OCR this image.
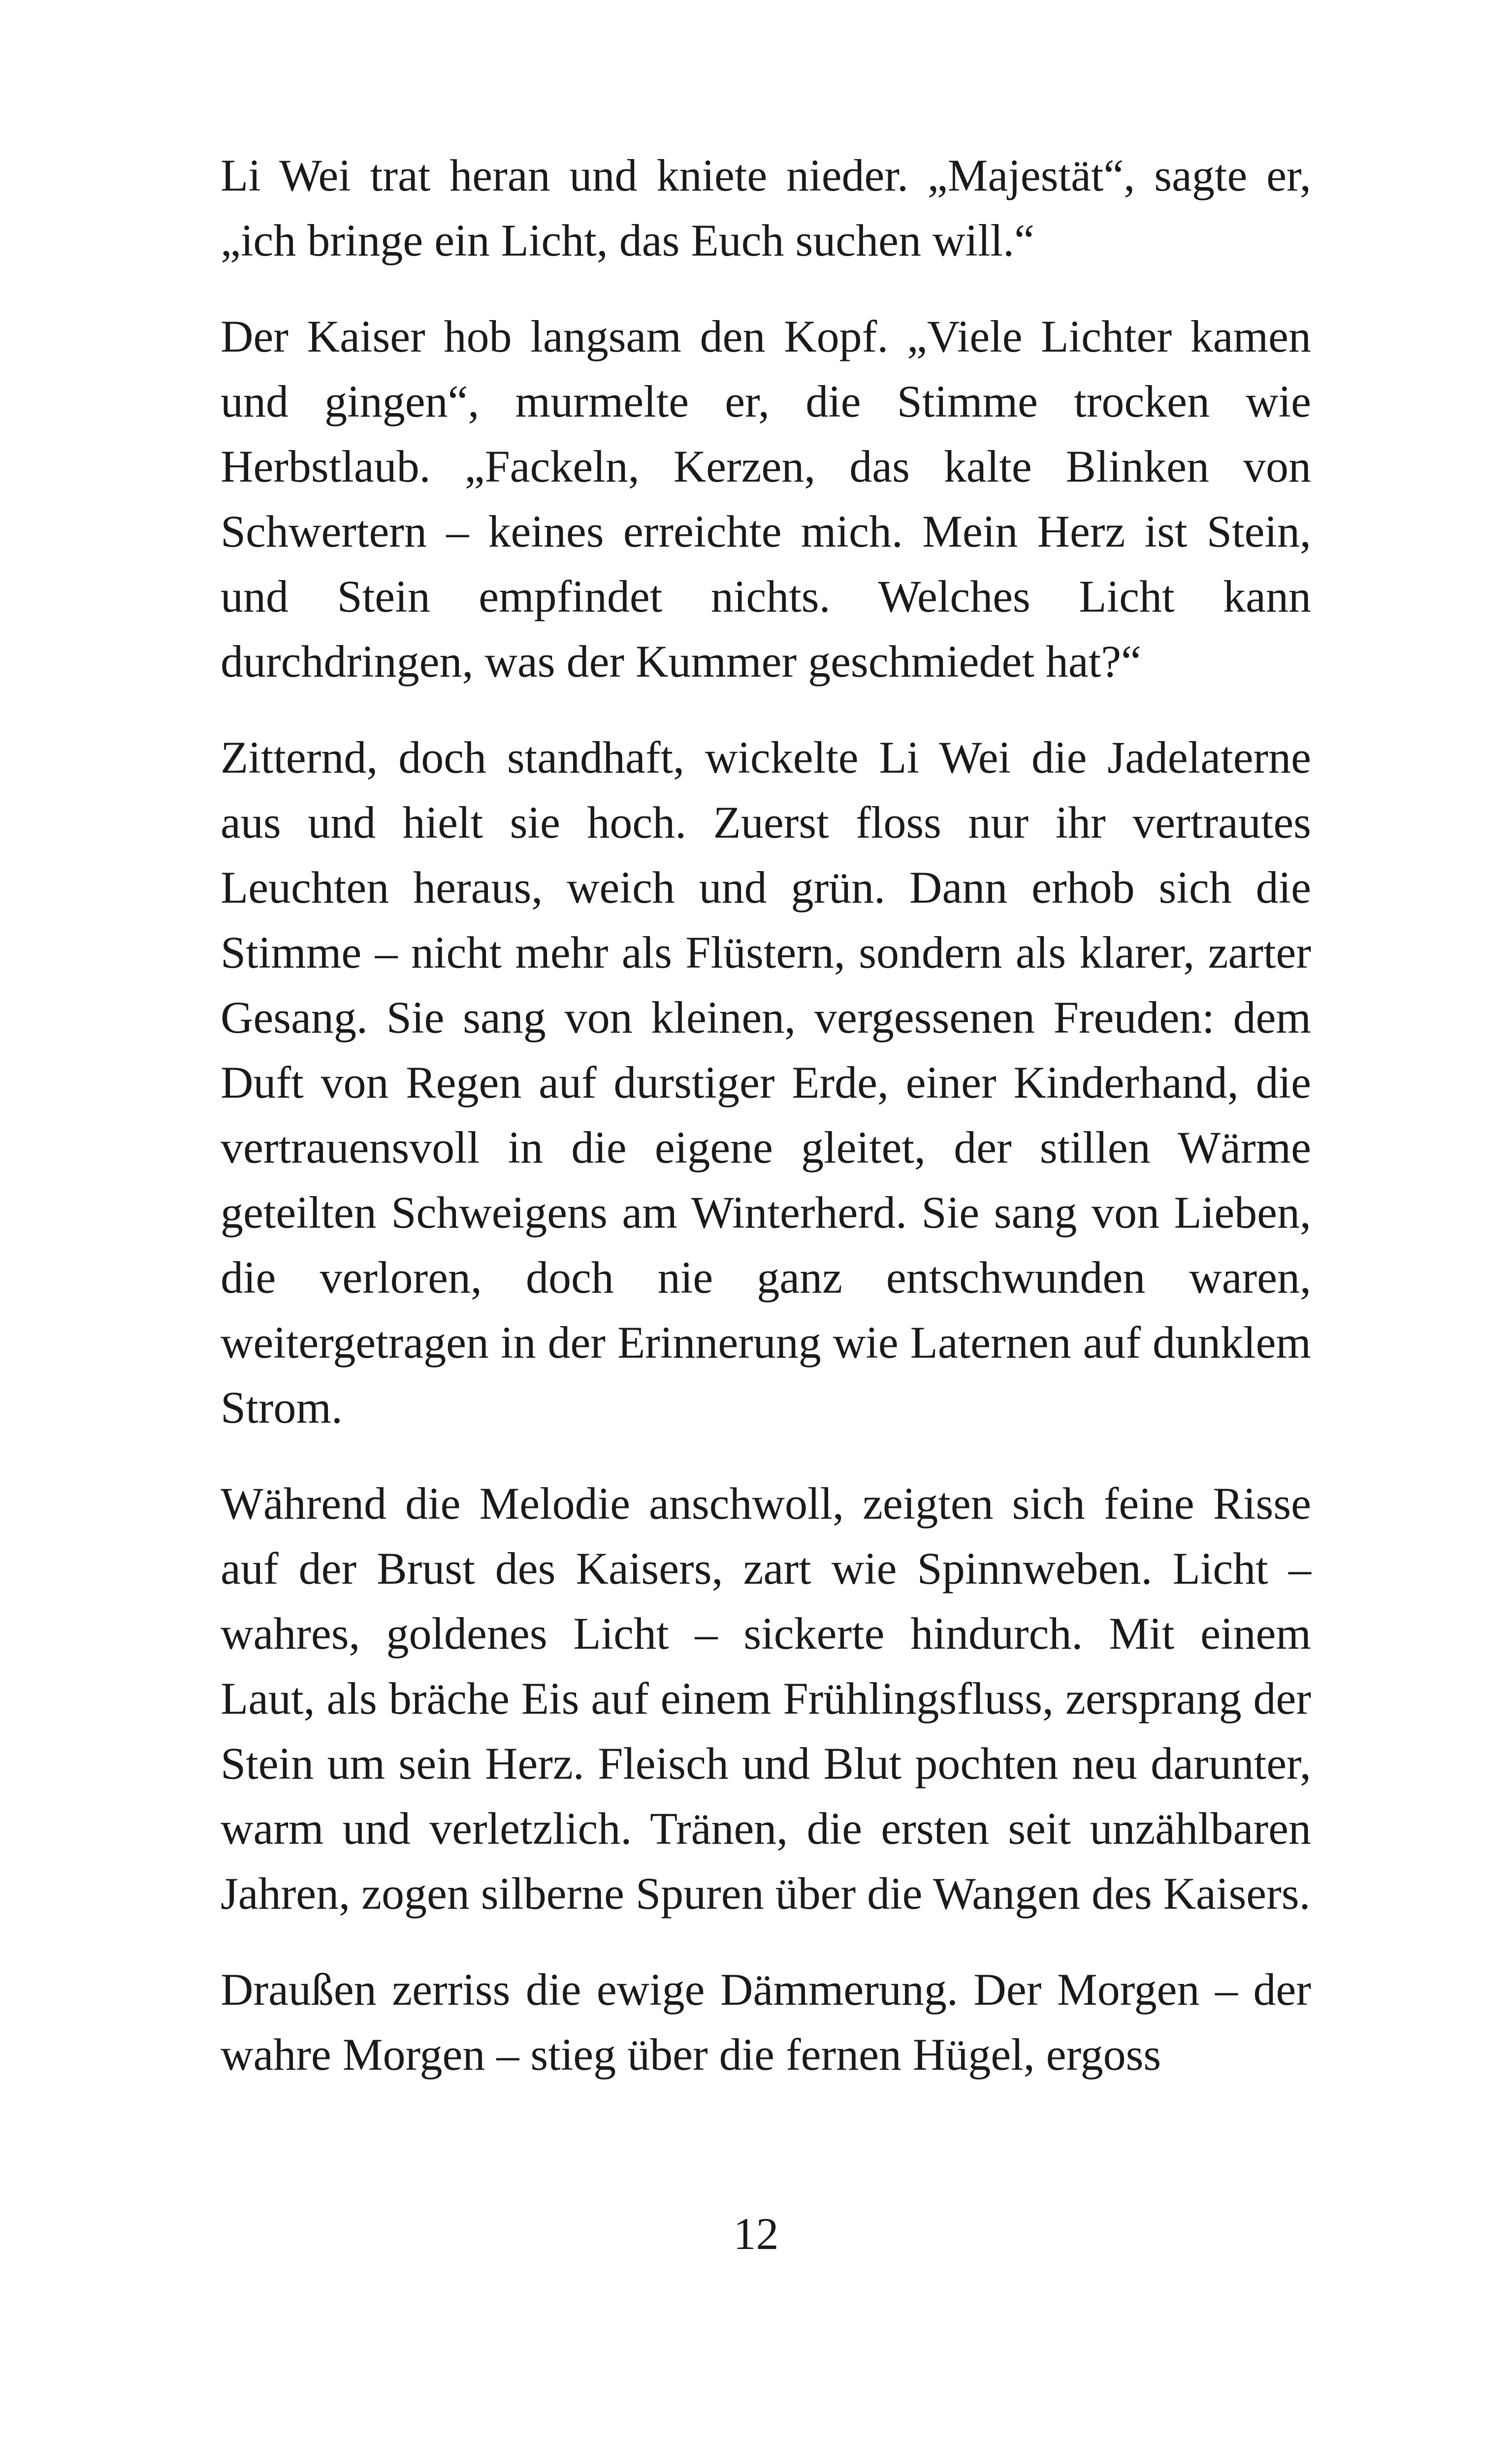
Li Wei trat heran und kniete nieder. „Majestät“, sagte er, „ich bringe ein Licht, das Euch suchen will.“

Der Kaiser hob langsam den Kopf. „Viele Lichter kamen und gingen“, murmelte er, die Stimme trocken wie Herbstlaub. „Fackeln, Kerzen, das kalte Blinken von Schwertern – keines erreichte mich. Mein Herz ist Stein, und Stein empfindet nichts. Welches Licht kann durchdringen, was der Kummer geschmiedet hat?“

Zitternd, doch standhaft, wickelte Li Wei die Jadelaterne aus und hielt sie hoch. Zuerst floss nur ihr vertrautes Leuchten heraus, weich und grün. Dann erhob sich die Stimme – nicht mehr als Flüstern, sondern als klarer, zarter Gesang. Sie sang von kleinen, vergessenen Freuden: dem Duft von Regen auf durstiger Erde, einer Kinderhand, die vertrauensvoll in die eigene gleitet, der stillen Wärme geteilten Schweigens am Winterherd. Sie sang von Lieben, die verloren, doch nie ganz entschwunden waren, weitergetragen in der Erinnerung wie Laternen auf dunklem Strom.

Während die Melodie anschwoll, zeigten sich feine Risse auf der Brust des Kaisers, zart wie Spinnweben. Licht – wahres, goldenes Licht – sickerte hindurch. Mit einem Laut, als bräche Eis auf einem Frühlingsfluss, zersprang der Stein um sein Herz. Fleisch und Blut pochten neu darunter, warm und verletzlich. Tränen, die ersten seit unzählbaren Jahren, zogen silberne Spuren über die Wangen des Kaisers.

Draußen zerriss die ewige Dämmerung. Der Morgen – der wahre Morgen – stieg über die fernen Hügel, ergoss

12
